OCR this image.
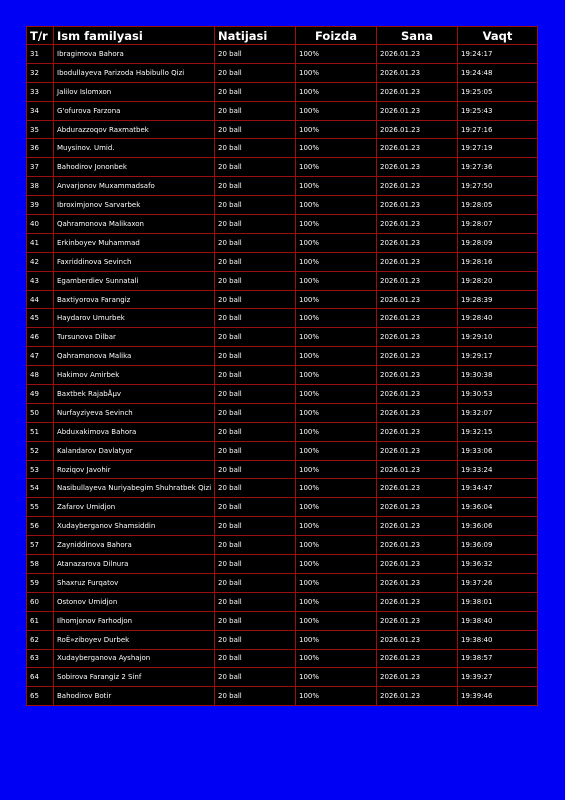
T/r	Ism familyasi	Natijasi	Foizda	Sana	Vaqt
31	Ibragimova Bahora	20 ball	100%	2026.01.23	19:24:17
32	Ibodullayeva Parizoda Habibullo Qizi	20 ball	100%	2026.01.23	19:24:48
33	Jalilov Islomxon	20 ball	100%	2026.01.23	19:25:05
34	G'ofurova Farzona	20 ball	100%	2026.01.23	19:25:43
35	Abdurazzoqov Raxmatbek	20 ball	100%	2026.01.23	19:27:16
36	Muysinov. Umid.	20 ball	100%	2026.01.23	19:27:19
37	Bahodirov Jononbek	20 ball	100%	2026.01.23	19:27:36
38	Anvarjonov Muxammadsafo	20 ball	100%	2026.01.23	19:27:50
39	Ibroximjonov Sarvarbek	20 ball	100%	2026.01.23	19:28:05
40	Qahramonova Malikaxon	20 ball	100%	2026.01.23	19:28:07
41	Erkinboyev Muhammad	20 ball	100%	2026.01.23	19:28:09
42	Faxriddinova Sevinch	20 ball	100%	2026.01.23	19:28:16
43	Egamberdiev Sunnatali	20 ball	100%	2026.01.23	19:28:20
44	Baxtiyorova Farangiz	20 ball	100%	2026.01.23	19:28:39
45	Haydarov Umurbek	20 ball	100%	2026.01.23	19:28:40
46	Tursunova Dilbar	20 ball	100%	2026.01.23	19:29:10
47	Qahramonova Malika	20 ball	100%	2026.01.23	19:29:17
48	Hakimov Amirbek	20 ball	100%	2026.01.23	19:30:38
49	Baxtbek RajabÅµv	20 ball	100%	2026.01.23	19:30:53
50	Nurfayziyeva Sevinch	20 ball	100%	2026.01.23	19:32:07
51	Abduxakimova Bahora	20 ball	100%	2026.01.23	19:32:15
52	Kalandarov Davlatyor	20 ball	100%	2026.01.23	19:33:06
53	Roziqov Javohir	20 ball	100%	2026.01.23	19:33:24
54	Nasibullayeva Nuriyabegim Shuhratbek Qizi	20 ball	100%	2026.01.23	19:34:47
55	Zafarov Umidjon	20 ball	100%	2026.01.23	19:36:04
56	Xudayberganov Shamsiddin	20 ball	100%	2026.01.23	19:36:06
57	Zayniddinova Bahora	20 ball	100%	2026.01.23	19:36:09
58	Atanazarova Dilnura	20 ball	100%	2026.01.23	19:36:32
59	Shaxruz Furqatov	20 ball	100%	2026.01.23	19:37:26
60	Ostonov Umidjon	20 ball	100%	2026.01.23	19:38:01
61	Ilhomjonov Farhodjon	20 ball	100%	2026.01.23	19:38:40
62	RoЁ»ziboyev Durbek	20 ball	100%	2026.01.23	19:38:40
63	Xudayberganova Ayshajon	20 ball	100%	2026.01.23	19:38:57
64	Sobirova Farangiz 2 Sinf	20 ball	100%	2026.01.23	19:39:27
65	Bahodirov Botir	20 ball	100%	2026.01.23	19:39:46
